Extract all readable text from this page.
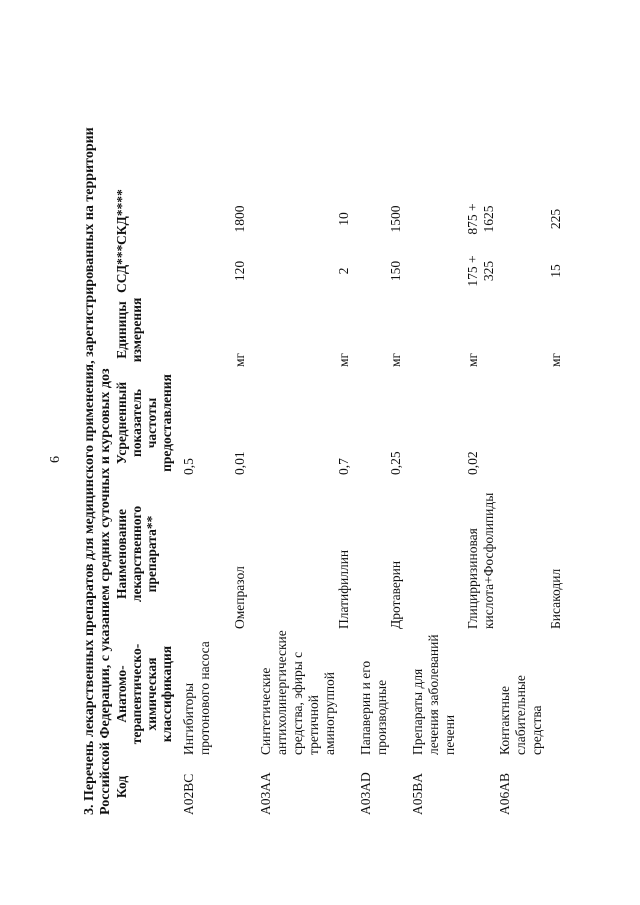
6 3. Перечень лекарственных препаратов для медицинского применения, зарегистрированных на территории Российской Федерации, с указанием средних суточных и курсовых доз Код
Анатомо-терапевтическо-химическая классификация
Наименование лекарственного препарата**
Усредненный показатель частоты предоставления
Единицы измерения
ССД***
СКД****
A02BC
Ингибиторы протонового насоса
0,5
Омепразол
0,01
мг
120
1800
A03AA
Синтетические антихолинергические средства, эфиры с третичной аминогруппой
Платифиллин
0,7
мг
2
10
A03AD
Папаверин и его производные
Дротаверин
0,25
мг
150
1500
A05BA
Препараты для лечения заболеваний печени
Глицирризиновая кислота+Фосфолипиды
0,02
мг
175 + 325
875 + 1625
A06AB
Контактные слабительные средства
Бисакодил
мг
15
225
